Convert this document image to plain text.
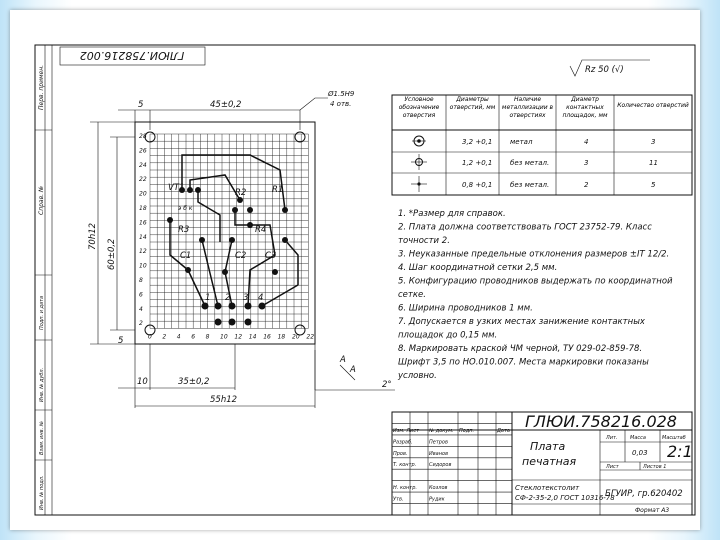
Перв. примен.
Справ. №
Подп. и дата
Инв. № дубл.
Взам. инв. №
Инв. № подл.
ГЛЮИ.758216.002
Rz 50 (√)
VT1
э б к
R2	R1
R3	R4
C1	C2 C3
1 2 3 4
28
26
24
22
20
18
16
14
12
10
8
6
4
2
0 2 4 6 8 10 12 14 16 18 20 22
5	45±0,2
Ø1.5Н9
4 отв.
70h12
60±0,2
5
10	35±0,2
55h12
A
A
2°
Условное обозначение отверстия
Диаметры отверстий, мм
Наличие металлизации в отверстиях
Диаметр контактных площадок, мм
Количество отверстий
3,2 +0,1	метал	4	3
1,2 +0,1	без метал.	3	11
0,8 +0,1	без метал.	2	5
1. *Размер для справок.
2. Плата должна соответствовать ГОСТ 23752-79. Класс
точности 2.
3. Неуказанные предельные отклонения размеров ±IT 12/2.
4. Шаг координатной сетки 2,5 мм.
5. Конфигурацию проводников выдержать по координатной
сетке.
6. Ширина проводников 1 мм.
7. Допускается в узких местах занижение контактных
площадок до 0,15 мм.
8. Маркировать краской ЧМ черной, ТУ 029-02-859-78.
Шрифт 3,5 по НО.010.007. Места маркировки показаны
условно.
ГЛЮИ.758216.028
Лит. Масса	Масштаб
0,03 2:1
Лист	Листов 1
Плата
печатная
Стеклотекстолит
СФ-2-35-2,0 ГОСТ 10316-78
БГУИР, гр.620402
Формат А3
Изм. Лист № докум. Подп.	Дата
Разраб.	Петров
Пров.	Иванов
Т. контр.	Сидоров
Н. контр. Козлов
Утв.	Рудик
